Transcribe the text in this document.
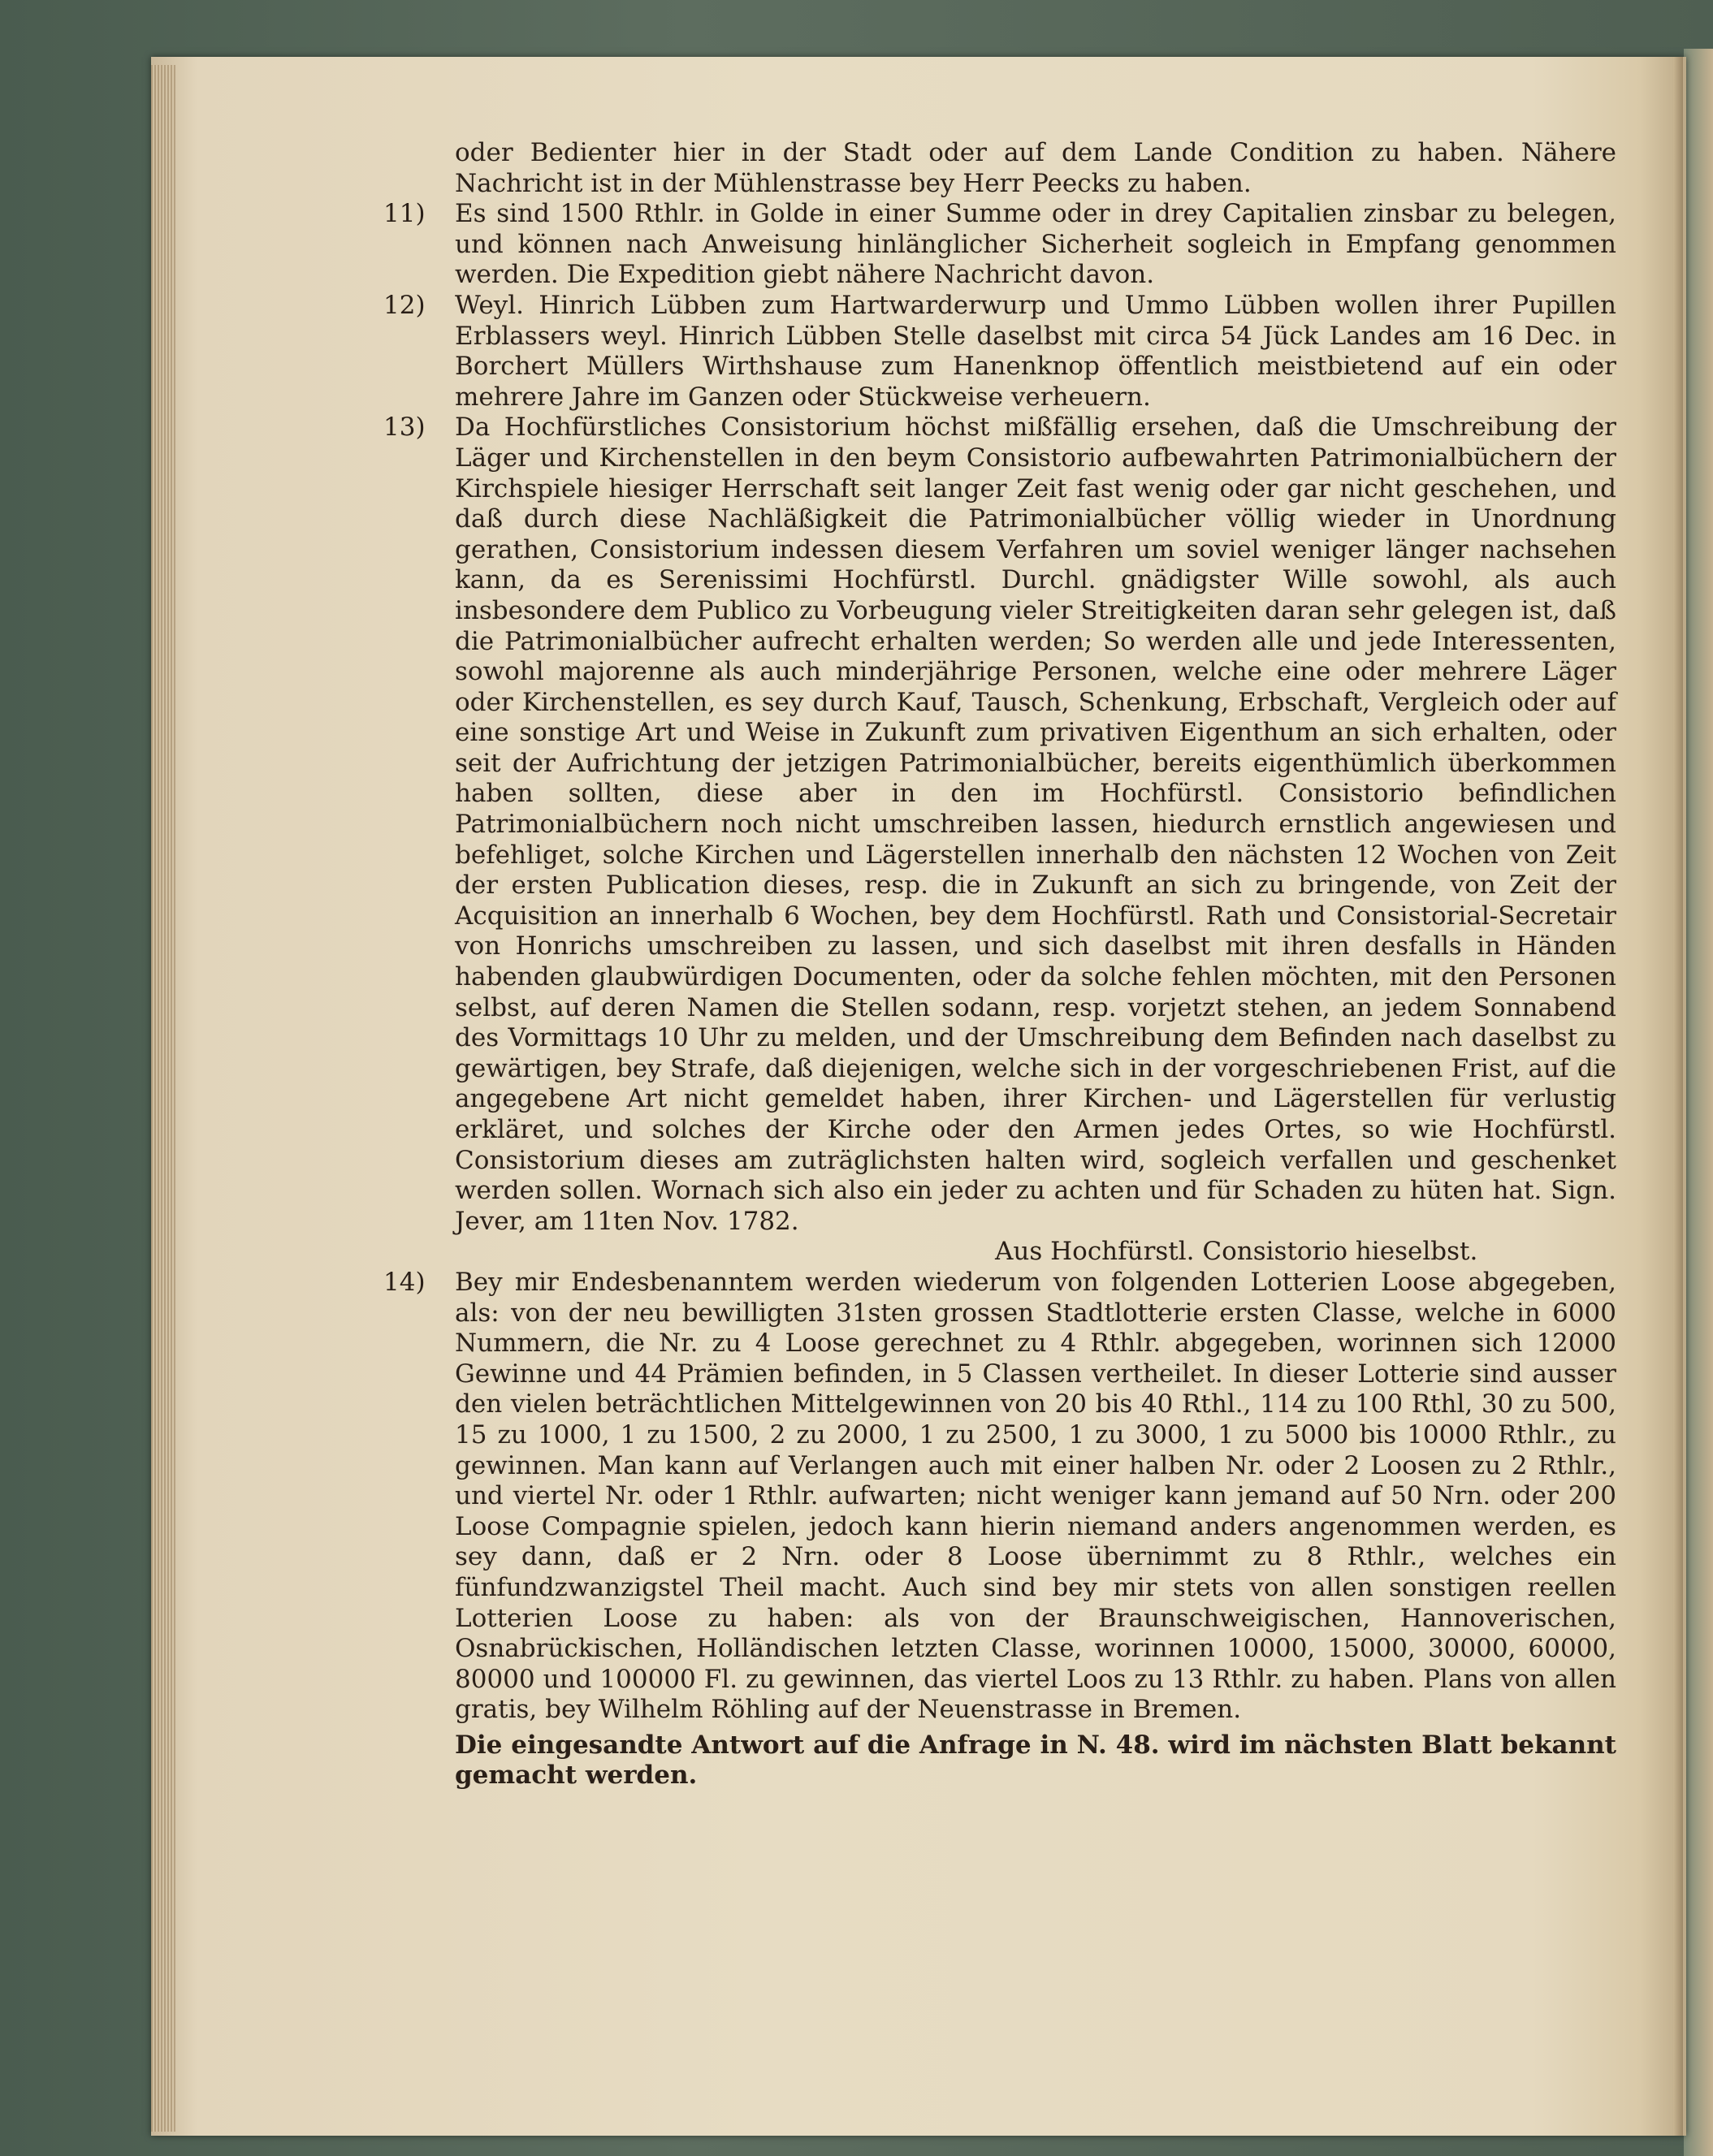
oder Bedienter hier in der Stadt oder auf dem Lande Condition zu haben. Nähere Nachricht ist in der Mühlenstrasse bey Herr Peecks zu haben.

11)	Es sind 1500 Rthlr. in Golde in einer Summe oder in drey Capitalien zinsbar zu belegen, und können nach Anweisung hinlänglicher Sicherheit sogleich in Empfang genommen werden. Die Expedition giebt nähere Nachricht davon.

12)	Weyl. Hinrich Lübben zum Hartwarderwurp und Ummo Lübben wollen ihrer Pupillen Erblassers weyl. Hinrich Lübben Stelle daselbst mit circa 54 Jück Landes am 16 Dec. in Borchert Müllers Wirthshause zum Hanenknop öffentlich meistbietend auf ein oder mehrere Jahre im Ganzen oder Stückweise verheuern.

13)	Da Hochfürstliches Consistorium höchst mißfällig ersehen, daß die Umschreibung der Läger und Kirchenstellen in den beym Consistorio aufbewahrten Patrimonialbüchern der Kirchspiele hiesiger Herrschaft seit langer Zeit fast wenig oder gar nicht geschehen, und daß durch diese Nachläßigkeit die Patrimonialbücher völlig wieder in Unordnung gerathen, Consistorium indessen diesem Verfahren um soviel weniger länger nachsehen kann, da es Serenissimi Hochfürstl. Durchl. gnädigster Wille sowohl, als auch insbesondere dem Publico zu Vorbeugung vieler Streitigkeiten daran sehr gelegen ist, daß die Patrimonialbücher aufrecht erhalten werden; So werden alle und jede Interessenten, sowohl majorenne als auch minderjährige Personen, welche eine oder mehrere Läger oder Kirchenstellen, es sey durch Kauf, Tausch, Schenkung, Erbschaft, Vergleich oder auf eine sonstige Art und Weise in Zukunft zum privativen Eigenthum an sich erhalten, oder seit der Aufrichtung der jetzigen Patrimonialbücher, bereits eigenthümlich überkommen haben sollten, diese aber in den im Hochfürstl. Consistorio befindlichen Patrimonialbüchern noch nicht umschreiben lassen, hiedurch ernstlich angewiesen und befehliget, solche Kirchen und Lägerstellen innerhalb den nächsten 12 Wochen von Zeit der ersten Publication dieses, resp. die in Zukunft an sich zu bringende, von Zeit der Acquisition an innerhalb 6 Wochen, bey dem Hochfürstl. Rath und Consistorial-Secretair von Honrichs umschreiben zu lassen, und sich daselbst mit ihren desfalls in Händen habenden glaubwürdigen Documenten, oder da solche fehlen möchten, mit den Personen selbst, auf deren Namen die Stellen sodann, resp. vorjetzt stehen, an jedem Sonnabend des Vormittags 10 Uhr zu melden, und der Umschreibung dem Befinden nach daselbst zu gewärtigen, bey Strafe, daß diejenigen, welche sich in der vorgeschriebenen Frist, auf die angegebene Art nicht gemeldet haben, ihrer Kirchen- und Lägerstellen für verlustig erkläret, und solches der Kirche oder den Armen jedes Ortes, so wie Hochfürstl. Consistorium dieses am zuträglichsten halten wird, sogleich verfallen und geschenket werden sollen. Wornach sich also ein jeder zu achten und für Schaden zu hüten hat. Sign. Jever, am 11ten Nov. 1782.

Aus Hochfürstl. Consistorio hieselbst.

14)	Bey mir Endesbenanntem werden wiederum von folgenden Lotterien Loose abgegeben, als: von der neu bewilligten 31sten grossen Stadtlotterie ersten Classe, welche in 6000 Nummern, die Nr. zu 4 Loose gerechnet zu 4 Rthlr. abgegeben, worinnen sich 12000 Gewinne und 44 Prämien befinden, in 5 Classen vertheilet. In dieser Lotterie sind ausser den vielen beträchtlichen Mittelgewinnen von 20 bis 40 Rthl., 114 zu 100 Rthl, 30 zu 500, 15 zu 1000, 1 zu 1500, 2 zu 2000, 1 zu 2500, 1 zu 3000, 1 zu 5000 bis 10000 Rthlr., zu gewinnen. Man kann auf Verlangen auch mit einer halben Nr. oder 2 Loosen zu 2 Rthlr., und viertel Nr. oder 1 Rthlr. aufwarten; nicht weniger kann jemand auf 50 Nrn. oder 200 Loose Compagnie spielen, jedoch kann hierin niemand anders angenommen werden, es sey dann, daß er 2 Nrn. oder 8 Loose übernimmt zu 8 Rthlr., welches ein fünfundzwanzigstel Theil macht. Auch sind bey mir stets von allen sonstigen reellen Lotterien Loose zu haben: als von der Braunschweigischen, Hannoverischen, Osnabrückischen, Holländischen letzten Classe, worinnen 10000, 15000, 30000, 60000, 80000 und 100000 Fl. zu gewinnen, das viertel Loos zu 13 Rthlr. zu haben. Plans von allen gratis, bey Wilhelm Röhling auf der Neuenstrasse in Bremen.

Die eingesandte Antwort auf die Anfrage in N. 48. wird im nächsten Blatt bekannt gemacht werden.
